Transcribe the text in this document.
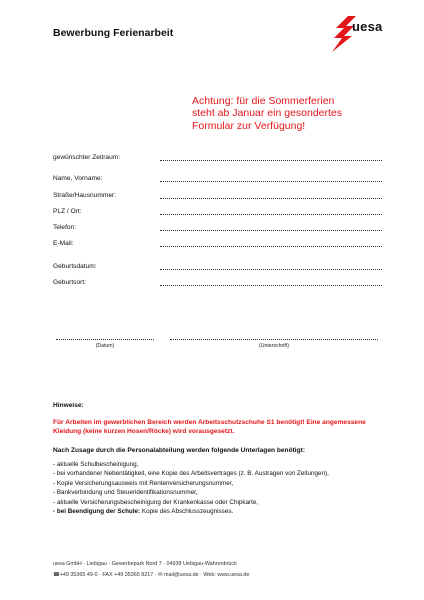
Bewerbung Ferienarbeit	uesa
Achtung: für die Sommerferien
steht ab Januar ein gesondertes
Formular zur Verfügung!
gewünschter Zeitraum:
Name, Vorname:
Straße/Hausnummer:
PLZ / Ort:
Telefon:
E-Mail:
Geburtsdatum:
Geburtsort:
(Datum)	(Unterschrift)
Hinweise:
Für Arbeiten im gewerblichen Bereich werden Arbeitsschutzschuhe S1 benötigt! Eine angemessene Kleidung (keine kurzen Hosen/Röcke) wird vorausgesetzt.
Nach Zusage durch die Personalabteilung werden folgende Unterlagen benötigt:
- aktuelle Schulbescheinigung,
- bei vorhandener Nebentätigkeit, eine Kopie des Arbeitsvertrages (z. B. Austragen von Zeitungen),
- Kopie Versicherungsausweis mit Rentenversicherungsnummer,
- Bankverbindung und Steueridentifikationsnummer,
- aktuelle Versicherungsbescheinigung der Krankenkasse oder Chipkarte,
- bei Beendigung der Schule: Kopie des Abschlusszeugnisses.
uesa GmbH · Liebigau · Gewerbepark Nord 7 · 04938 Uebigau-Wahrenbrück
☎+49 35365 49-0 · FAX +49 35365 8217 · ✉ mail@uesa.de · Web: www.uesa.de
